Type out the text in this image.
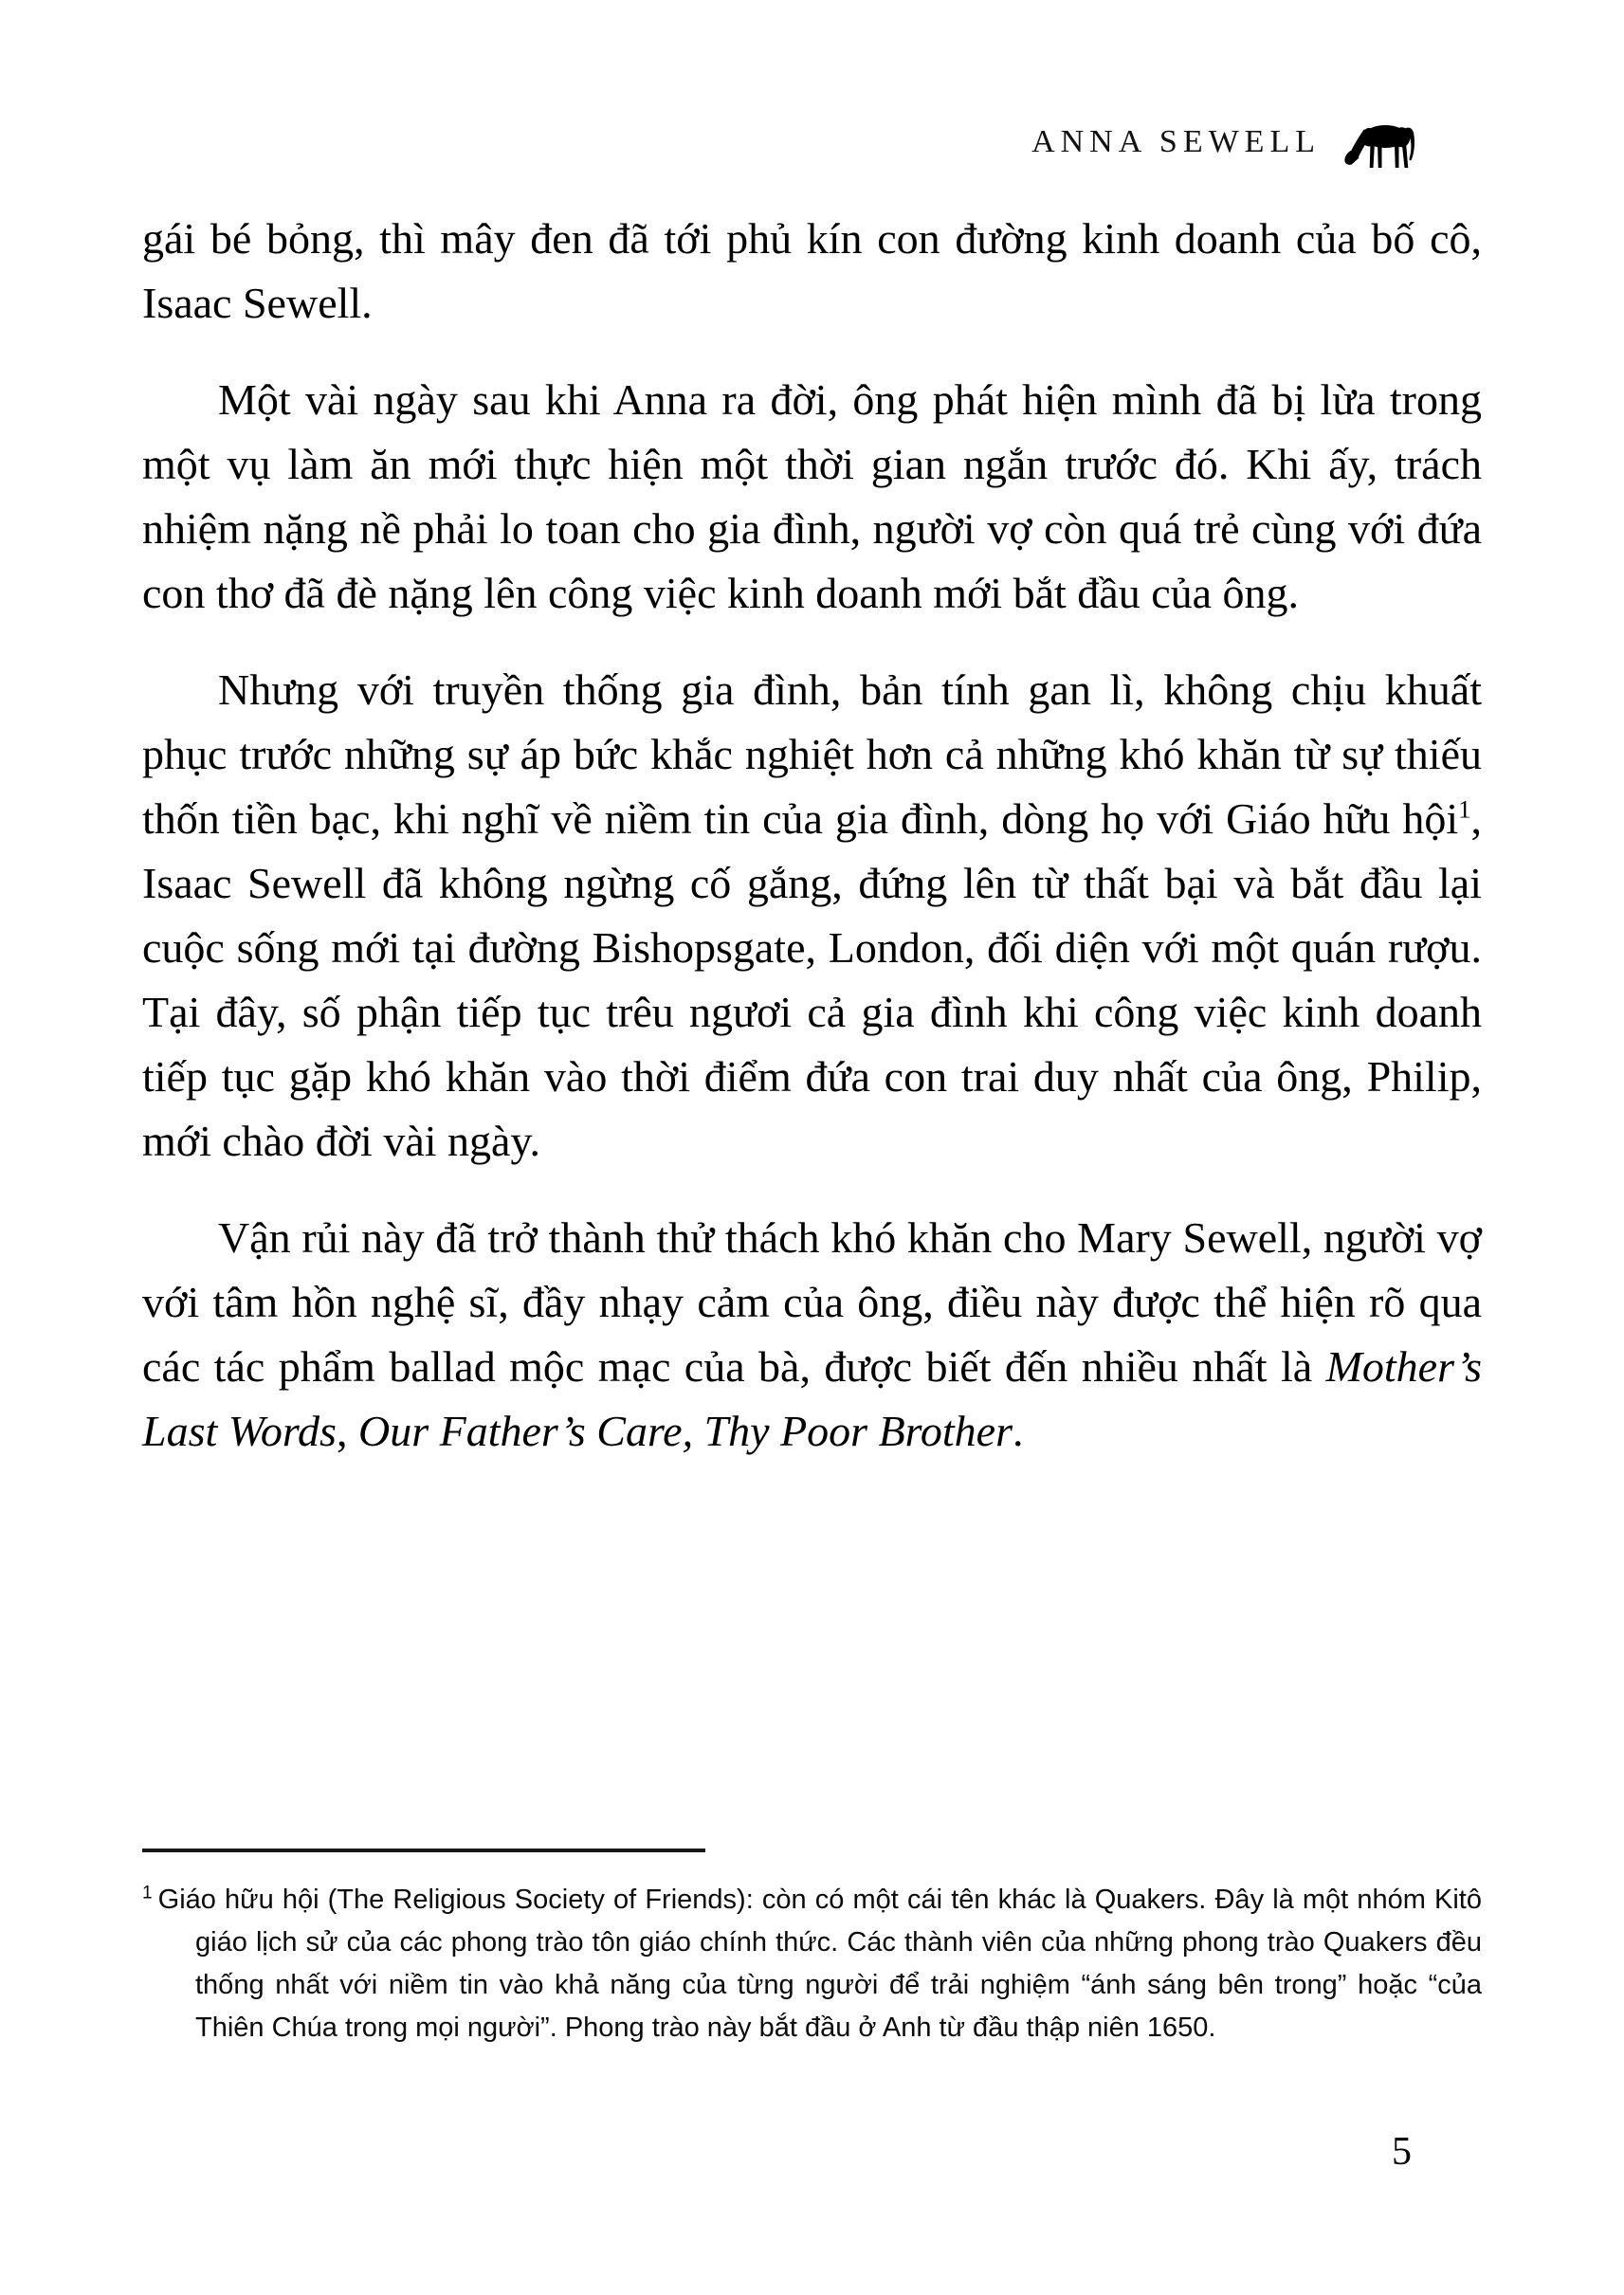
ANNA SEWELL

gái bé bỏng, thì mây đen đã tới phủ kín con đường kinh doanh của bố cô, Isaac Sewell.

Một vài ngày sau khi Anna ra đời, ông phát hiện mình đã bị lừa trong một vụ làm ăn mới thực hiện một thời gian ngắn trước đó. Khi ấy, trách nhiệm nặng nề phải lo toan cho gia đình, người vợ còn quá trẻ cùng với đứa con thơ đã đè nặng lên công việc kinh doanh mới bắt đầu của ông.

Nhưng với truyền thống gia đình, bản tính gan lì, không chịu khuất phục trước những sự áp bức khắc nghiệt hơn cả những khó khăn từ sự thiếu thốn tiền bạc, khi nghĩ về niềm tin của gia đình, dòng họ với Giáo hữu hội$^1$, Isaac Sewell đã không ngừng cố gắng, đứng lên từ thất bại và bắt đầu lại cuộc sống mới tại đường Bishopsgate, London, đối diện với một quán rượu. Tại đây, số phận tiếp tục trêu ngươi cả gia đình khi công việc kinh doanh tiếp tục gặp khó khăn vào thời điểm đứa con trai duy nhất của ông, Philip, mới chào đời vài ngày.

Vận rủi này đã trở thành thử thách khó khăn cho Mary Sewell, người vợ với tâm hồn nghệ sĩ, đầy nhạy cảm của ông, điều này được thể hiện rõ qua các tác phẩm ballad mộc mạc của bà, được biết đến nhiều nhất là Mother’s Last Words, Our Father’s Care, Thy Poor Brother.

$^1$ Giáo hữu hội (The Religious Society of Friends): còn có một cái tên khác là Quakers. Đây là một nhóm Kitô giáo lịch sử của các phong trào tôn giáo chính thức. Các thành viên của những phong trào Quakers đều thống nhất với niềm tin vào khả năng của từng người để trải nghiệm “ánh sáng bên trong” hoặc “của Thiên Chúa trong mọi người”. Phong trào này bắt đầu ở Anh từ đầu thập niên 1650.

5
